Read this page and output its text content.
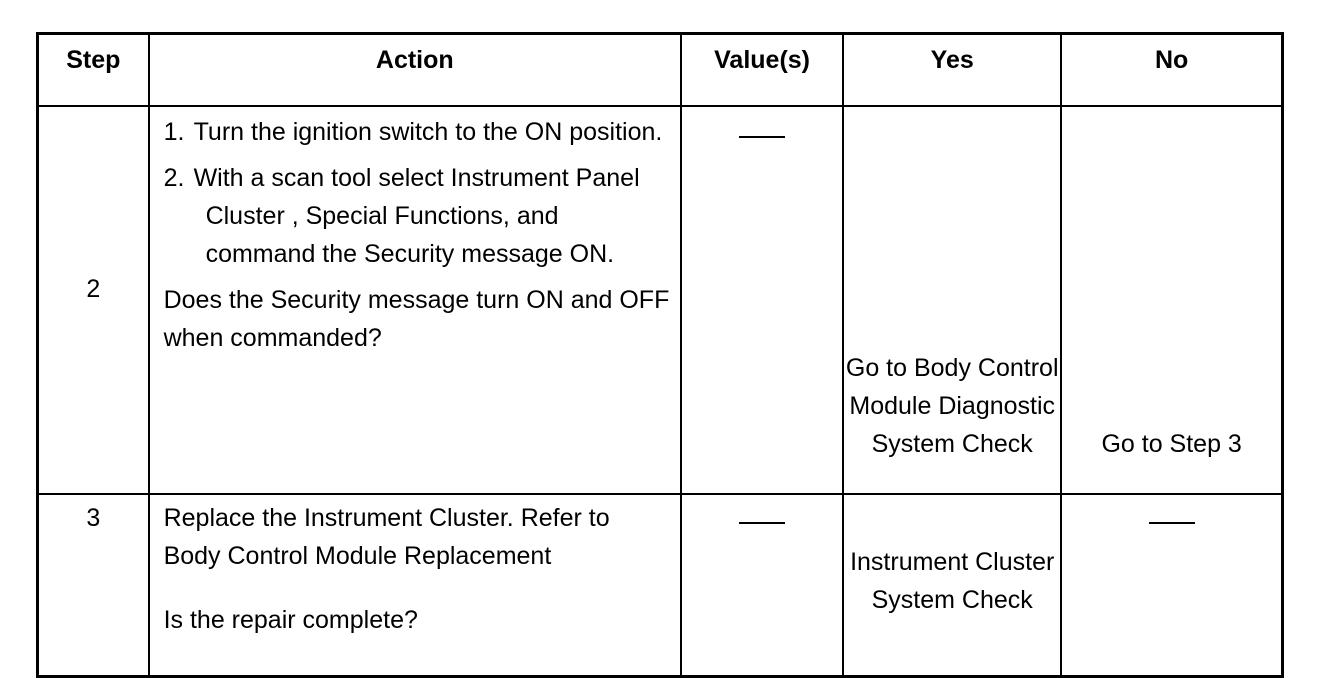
Step	Action	Value(s)	Yes	No
2	1. Turn the ignition switch to the ON position.
2. With a scan tool select Instrument Panel Cluster , Special Functions, and command the Security message ON.
Does the Security message turn ON and OFF when commanded?		Go to Body Control Module Diagnostic System Check	Go to Step 3
3	Replace the Instrument Cluster. Refer to Body Control Module Replacement
Is the repair complete?		Instrument Cluster System Check	
